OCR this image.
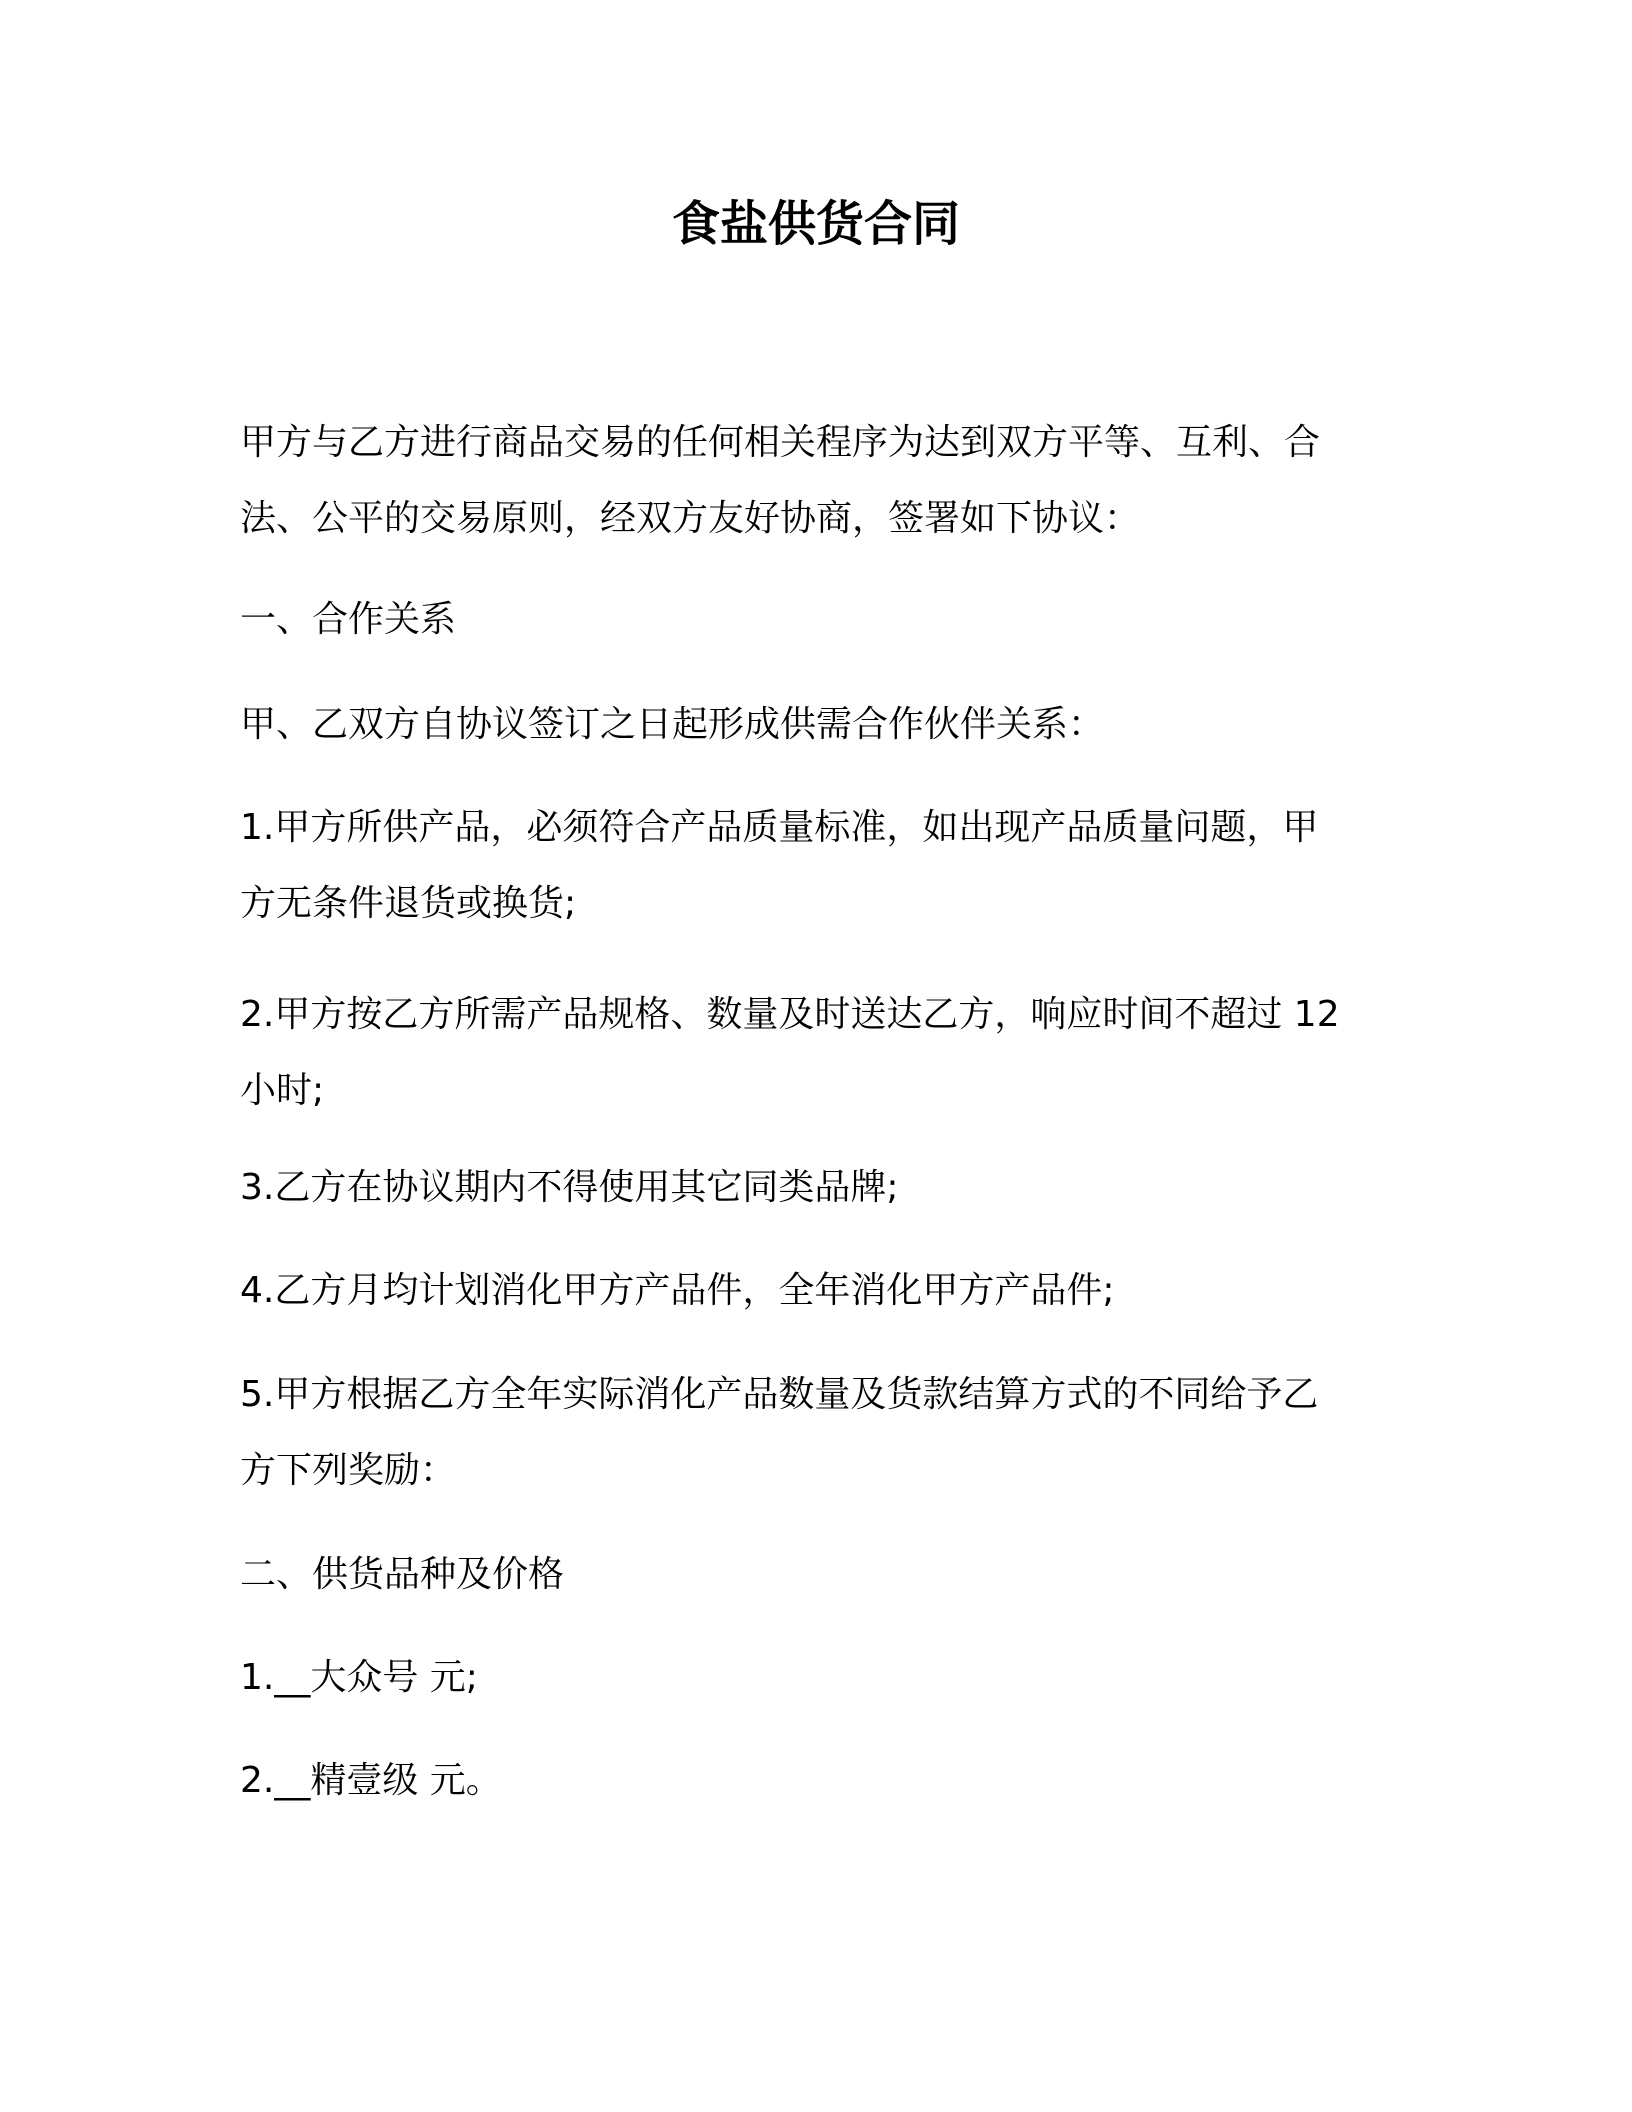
食盐供货合同

甲方与乙方进行商品交易的任何相关程序为达到双方平等、互利、合
法、公平的交易原则，经双方友好协商，签署如下协议：

一、合作关系

甲、乙双方自协议签订之日起形成供需合作伙伴关系：

1.甲方所供产品，必须符合产品质量标准，如出现产品质量问题，甲
方无条件退货或换货;

2.甲方按乙方所需产品规格、数量及时送达乙方，响应时间不超过 12
小时;

3.乙方在协议期内不得使用其它同类品牌;

4.乙方月均计划消化甲方产品件，全年消化甲方产品件;

5.甲方根据乙方全年实际消化产品数量及货款结算方式的不同给予乙
方下列奖励：

二、供货品种及价格

1.__大众号 元;

2.__精壹级 元。
